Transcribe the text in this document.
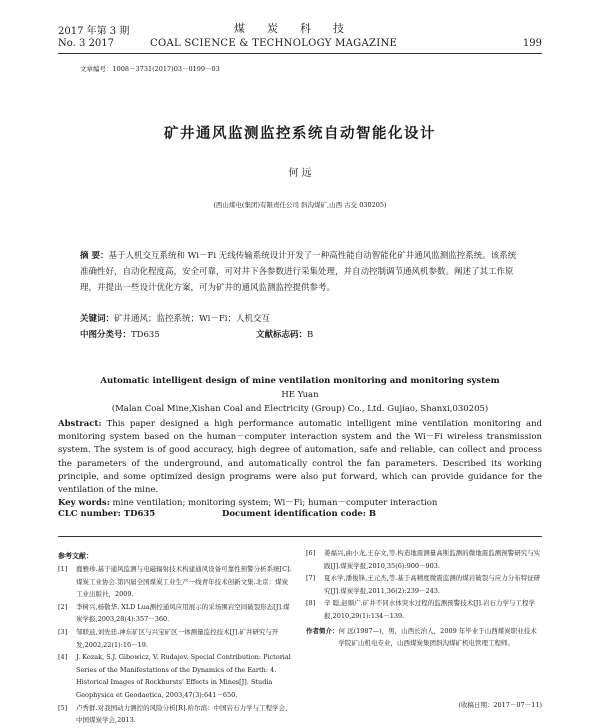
2017 年第 3 期	煤炭科技
No. 3 2017	COAL SCIENCE & TECHNOLOGY MAGAZINE	199
文章编号：1008－3731(2017)03－0199－03
矿井通风监测监控系统自动智能化设计
何 远
(西山煤电(集团)有限责任公司 斜沟煤矿,山西 古交 030205)
摘 要：基于人机交互系统和 Wi－Fi 无线传输系统设计开发了一种高性能自动智能化矿井通风监测监控系统。该系统准确性好，自动化程度高，安全可靠，可对井下各参数进行采集处理，并自动控制调节通风机参数。阐述了其工作原理，并提出一些设计优化方案，可为矿井的通风监测监控提供参考。
关键词：矿井通风；监控系统；Wi－Fi；人机交互
中图分类号：TD635	文献标志码：B
Automatic intelligent design of mine ventilation monitoring and monitoring system
HE Yuan
(Malan Coal Mine,Xishan Coal and Electricity (Group) Co., Ltd. Gujiao, Shanxi,030205)
Abstract: This paper designed a high performance automatic intelligent mine ventilation monitoring and monitoring system based on the human－computer interaction system and the Wi－Fi wireless transmission system. The system is of good accuracy, high degree of automation, safe and reliable, can collect and process the parameters of the underground, and automatically control the fan parameters. Described its working principle, and some optimized design programs were also put forward, which can provide guidance for the ventilation of the mine.
Key words: mine ventilation; monitoring system; Wi－Fi; human－computer interaction
CLC number: TD635	Document identification code: B
参考文献：
[1]	鹿雅珍.基于通风监测与电磁辐射技术构建通风设备可靠性预警分析系统[C].煤炭工业协会.第四届全国煤炭工业生产一线青年技术创新文集.北京：煤炭工业出版社，2009.
[2]	李树兴,杨敬华. XLD Lua测控通风应用展示的采场围岩空间破裂形态[J].煤炭学报,2003,28(4):357－360.
[3]	邹联兹,刘先廷.神东矿区与兴宝矿区一体测量监控技术[J].矿井研究与开发,2002,22(1):16－19.
[4]	J. Kozak, S.J. Gibowicz, V. Rudajev. Special Contribution: Pictorial Series of the Manifestations of the Dynamics of the Earth: 4. Historical Images of Rockbursts' Effects in Mines[J]. Studia Geophysica et Geodaetica, 2003,47(3):641－650.
[5]	卢秀群.对我国动力测控的风险分析[R].哈尔滨：中国岩石力学与工程学会，中国煤炭学会,2013.
[6]	姜福兴,曲小龙,王存文,等.构造地震测量高斯监测的微地震监测预警研究与实践[J].煤炭学报,2010,35(6):900－903.
[7]	夏永学,潘俊锋,王元杰,等.基于高精度微震监测的煤岩破裂与应力分布特征研究[J].煤炭学报,2011,36(2):239－243.
[8]	辛 聪,赵顺广.矿井不同水体突水过程的监测预警技术[J].岩石力学与工程学报,2010,29(1):134－139.
作者简介： 何 远(1987—)，男，山西长治人，2009 年毕业于山西煤炭职业技术学院矿山机电专业，山西煤炭集团斜沟煤矿机电管理工程师。
(收稿日期：2017－07－11)
